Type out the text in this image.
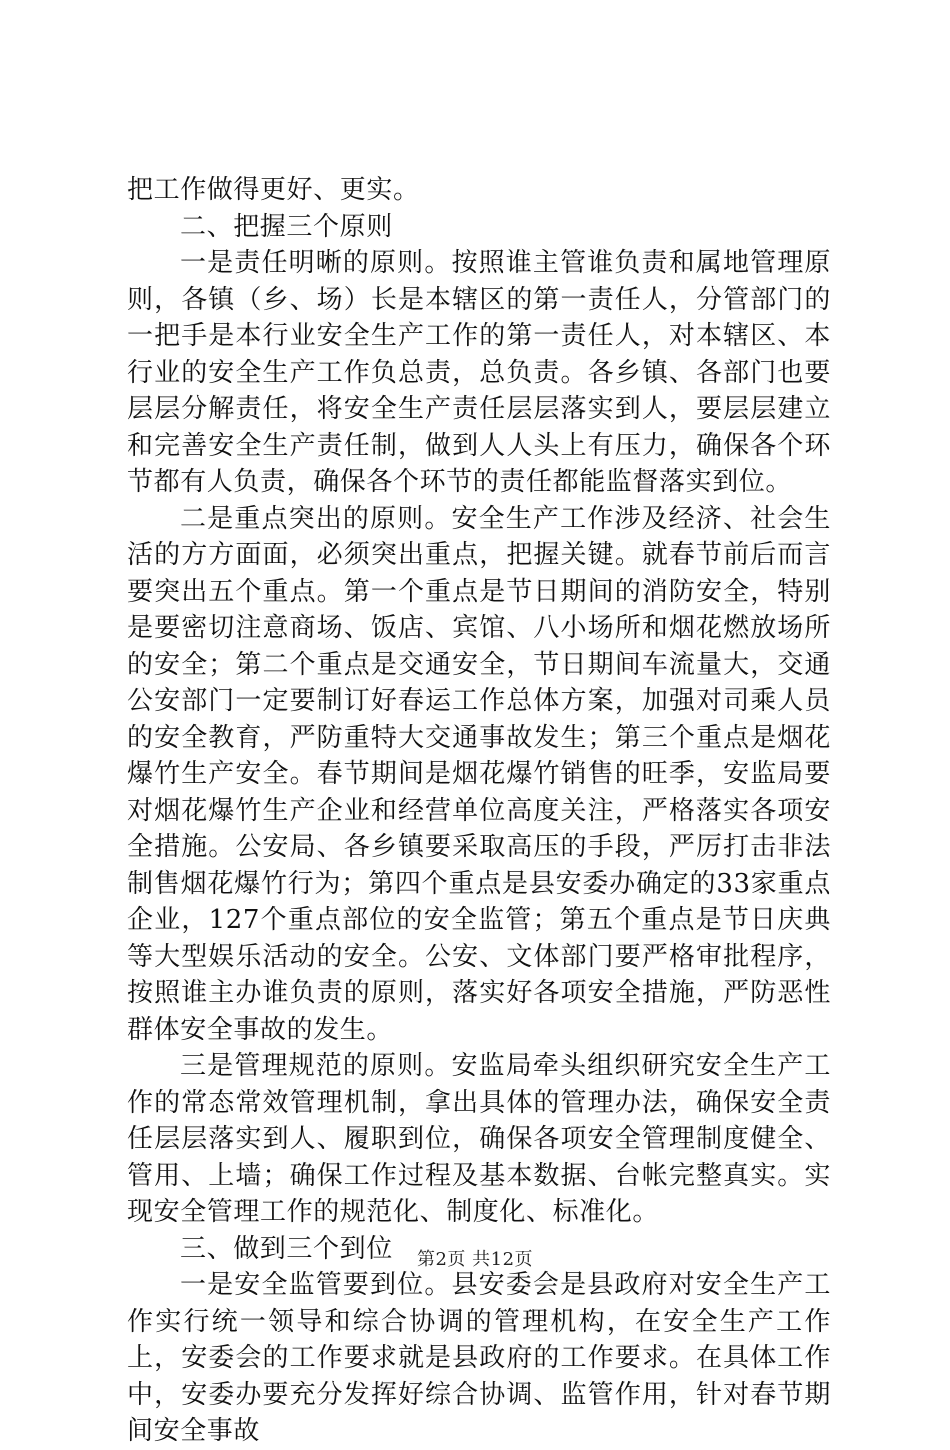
把工作做得更好、更实。

二、把握三个原则

一是责任明晰的原则。按照谁主管谁负责和属地管理原则，各镇（乡、场）长是本辖区的第一责任人，分管部门的一把手是本行业安全生产工作的第一责任人，对本辖区、本行业的安全生产工作负总责，总负责。各乡镇、各部门也要层层分解责任，将安全生产责任层层落实到人，要层层建立和完善安全生产责任制，做到人人头上有压力，确保各个环节都有人负责，确保各个环节的责任都能监督落实到位。

二是重点突出的原则。安全生产工作涉及经济、社会生活的方方面面，必须突出重点，把握关键。就春节前后而言要突出五个重点。第一个重点是节日期间的消防安全，特别是要密切注意商场、饭店、宾馆、八小场所和烟花燃放场所的安全；第二个重点是交通安全，节日期间车流量大，交通公安部门一定要制订好春运工作总体方案，加强对司乘人员的安全教育，严防重特大交通事故发生；第三个重点是烟花爆竹生产安全。春节期间是烟花爆竹销售的旺季，安监局要对烟花爆竹生产企业和经营单位高度关注，严格落实各项安全措施。公安局、各乡镇要采取高压的手段，严厉打击非法制售烟花爆竹行为；第四个重点是县安委办确定的33家重点企业，127个重点部位的安全监管；第五个重点是节日庆典等大型娱乐活动的安全。公安、文体部门要严格审批程序，按照谁主办谁负责的原则，落实好各项安全措施，严防恶性群体安全事故的发生。

三是管理规范的原则。安监局牵头组织研究安全生产工作的常态常效管理机制，拿出具体的管理办法，确保安全责任层层落实到人、履职到位，确保各项安全管理制度健全、管用、上墙；确保工作过程及基本数据、台帐完整真实。实现安全管理工作的规范化、制度化、标准化。

三、做到三个到位

一是安全监管要到位。县安委会是县政府对安全生产工作实行统一领导和综合协调的管理机构，在安全生产工作上，安委会的工作要求就是县政府的工作要求。在具体工作中，安委办要充分发挥好综合协调、监管作用，针对春节期间安全事故

第2页 共12页
